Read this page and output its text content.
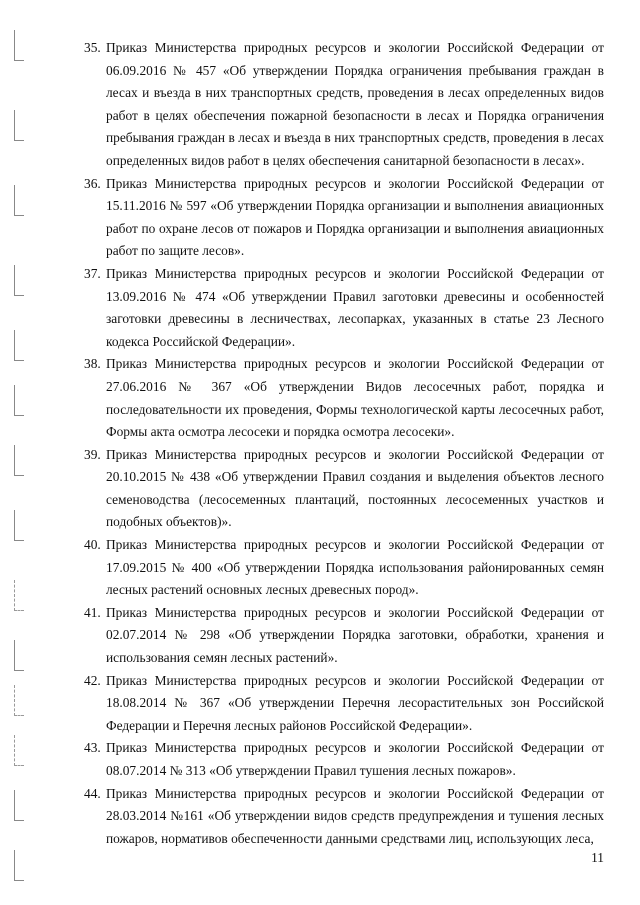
35. Приказ Министерства природных ресурсов и экологии Российской Федерации от 06.09.2016 № 457 «Об утверждении Порядка ограничения пребывания граждан в лесах и въезда в них транспортных средств, проведения в лесах определенных видов работ в целях обеспечения пожарной безопасности в лесах и Порядка ограничения пребывания граждан в лесах и въезда в них транспортных средств, проведения в лесах определенных видов работ в целях обеспечения санитарной безопасности в лесах».
36. Приказ Министерства природных ресурсов и экологии Российской Федерации от 15.11.2016 № 597 «Об утверждении Порядка организации и выполнения авиационных работ по охране лесов от пожаров и Порядка организации и выполнения авиационных работ по защите лесов».
37. Приказ Министерства природных ресурсов и экологии Российской Федерации от 13.09.2016 № 474 «Об утверждении Правил заготовки древесины и особенностей заготовки древесины в лесничествах, лесопарках, указанных в статье 23 Лесного кодекса Российской Федерации».
38. Приказ Министерства природных ресурсов и экологии Российской Федерации от 27.06.2016 № 367 «Об утверждении Видов лесосечных работ, порядка и последовательности их проведения, Формы технологической карты лесосечных работ, Формы акта осмотра лесосеки и порядка осмотра лесосеки».
39. Приказ Министерства природных ресурсов и экологии Российской Федерации от 20.10.2015 № 438 «Об утверждении Правил создания и выделения объектов лесного семеноводства (лесосеменных плантаций, постоянных лесосеменных участков и подобных объектов)».
40. Приказ Министерства природных ресурсов и экологии Российской Федерации от 17.09.2015 № 400 «Об утверждении Порядка использования районированных семян лесных растений основных лесных древесных пород».
41. Приказ Министерства природных ресурсов и экологии Российской Федерации от 02.07.2014 № 298 «Об утверждении Порядка заготовки, обработки, хранения и использования семян лесных растений».
42. Приказ Министерства природных ресурсов и экологии Российской Федерации от 18.08.2014 № 367 «Об утверждении Перечня лесорастительных зон Российской Федерации и Перечня лесных районов Российской Федерации».
43. Приказ Министерства природных ресурсов и экологии Российской Федерации от 08.07.2014 № 313 «Об утверждении Правил тушения лесных пожаров».
44. Приказ Министерства природных ресурсов и экологии Российской Федерации от 28.03.2014 №161 «Об утверждении видов средств предупреждения и тушения лесных пожаров, нормативов обеспеченности данными средствами лиц, использующих леса,
11
